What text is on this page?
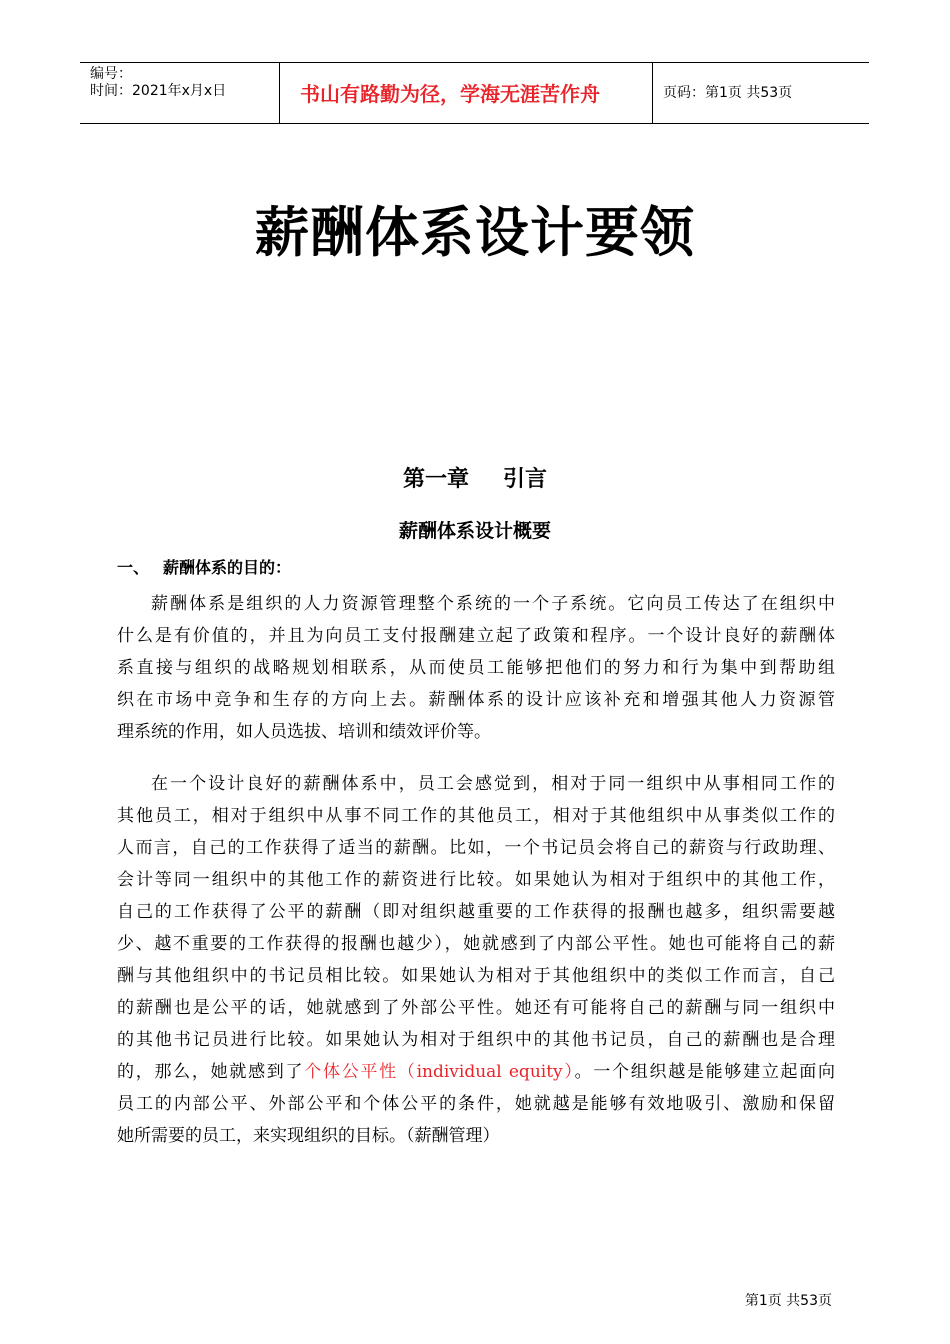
编号：
时间：2021年x月x日	书山有路勤为径，学海无涯苦作舟	页码：第1页 共53页
薪酬体系设计要领
第一章 引言
薪酬体系设计概要
一、 薪酬体系的目的：
薪酬体系是组织的人力资源管理整个系统的一个子系统。它向员工传达了在组织中
什么是有价值的，并且为向员工支付报酬建立起了政策和程序。一个设计良好的薪酬体
系直接与组织的战略规划相联系，从而使员工能够把他们的努力和行为集中到帮助组
织在市场中竞争和生存的方向上去。薪酬体系的设计应该补充和增强其他人力资源管
理系统的作用，如人员选拔、培训和绩效评价等。
在一个设计良好的薪酬体系中，员工会感觉到，相对于同一组织中从事相同工作的
其他员工，相对于组织中从事不同工作的其他员工，相对于其他组织中从事类似工作的
人而言，自己的工作获得了适当的薪酬。比如，一个书记员会将自己的薪资与行政助理、
会计等同一组织中的其他工作的薪资进行比较。如果她认为相对于组织中的其他工作，
自己的工作获得了公平的薪酬（即对组织越重要的工作获得的报酬也越多，组织需要越
少、越不重要的工作获得的报酬也越少），她就感到了内部公平性。她也可能将自己的薪
酬与其他组织中的书记员相比较。如果她认为相对于其他组织中的类似工作而言，自己
的薪酬也是公平的话，她就感到了外部公平性。她还有可能将自己的薪酬与同一组织中
的其他书记员进行比较。如果她认为相对于组织中的其他书记员，自己的薪酬也是合理
的，那么，她就感到了个体公平性（individual equity）。一个组织越是能够建立起面向
员工的内部公平、外部公平和个体公平的条件，她就越是能够有效地吸引、激励和保留
她所需要的员工，来实现组织的目标。（薪酬管理）
第1页 共53页
